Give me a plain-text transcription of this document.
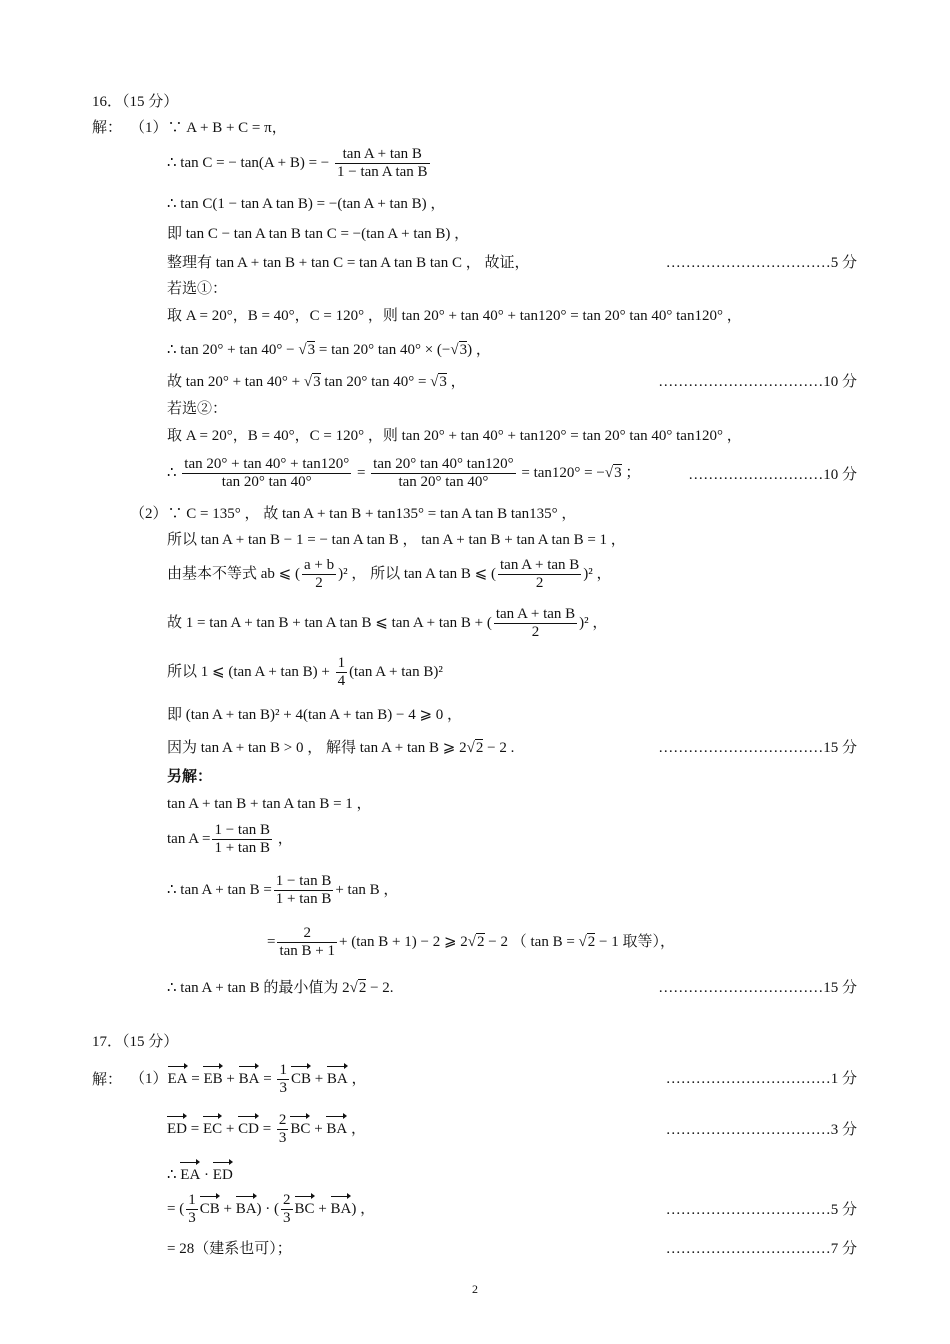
16．（15 分）
解： （1）∵ A + B + C = π，
∴ tan C = − tan(A + B) = − $\frac{\text{tan A + tan B}}{\text{1 − tan A tan B}}$
∴ tan C(1 − tan A tan B) = −(tan A + tan B) ，
即 tan C − tan A tan B tan C = −(tan A + tan B) ，
整理有 tan A + tan B + tan C = tan A tan B tan C ， 故证，	……………………………5 分
若选①：
取 A = 20°，B = 40°，C = 120° ，则 tan 20° + tan 40° + tan120° = tan 20° tan 40° tan120° ，
∴ tan 20° + tan 40° − √3 = tan 20° tan 40° × (−√3) ，
故 tan 20° + tan 40° + √3 tan 20° tan 40° = √3 ，	……………………………10 分
若选②：
取 A = 20°，B = 40°，C = 120° ，则 tan 20° + tan 40° + tan120° = tan 20° tan 40° tan120° ，
∴ $\frac{\tan 20^\circ + \tan 40^\circ + \tan 120^\circ}{\tan 20^\circ \tan 40^\circ} = \frac{\tan 20^\circ \tan 40^\circ \tan 120^\circ}{\tan 20^\circ \tan 40^\circ} = \tan 120^\circ = -√3$ ；	………………………10 分
（2）∵ C = 135° ， 故 tan A + tan B + tan135° = tan A tan B tan135° ，
所以 tan A + tan B − 1 = − tan A tan B ， tan A + tan B + tan A tan B = 1 ，
由基本不等式 ab ⩽ ( $\frac{a + b}{2} )^2$ ， 所以 tan A tan B ⩽ ( $\frac{\text{tan A + tan B}}{2} )^2$ ，
故 1 = tan A + tan B + tan A tan B ⩽ tan A + tan B + ( $\frac{\text{tan A + tan B}}{2} )^2$ ，
所以 1 ⩽ (tan $A + \tan B) + \frac{1}{4} (\tan$ A + tan B)²
即 (tan A + tan B)² + 4(tan A + tan B) − 4 ⩾ 0 ，
因为 tan A + tan B > 0 ， 解得 tan A + tan B ⩾ 2√2 − 2 .	……………………………15 分
另解：
tan A + tan B + tan A tan B = 1 ，
$\tan A = \frac{\text{1 − tan B}}{\text{1 + tan B}}$ ，
∴ $\tan A + \tan B = \frac{\text{1 − tan B}}{\text{1 + tan B}} + \tan B$ ，
= $\frac{2}{\text{tan B + 1}} + (\tan$ B + 1) − 2 ⩾ 2√2 − 2 （ tan B = √2 − 1 取等），
∴ tan A + tan B 的最小值为 2√2 − 2.	……………………………15 分
17．（15 分）
解： （1）EA = EB + BA = $\frac{1}{3}$ CB + BA ，	……………………………1 分
ED = EC + CD = $\frac{2}{3}$ BC + BA ，	……………………………3 分
∴ EA · ED
= ( $\frac{1}{3}$ CB + BA) · ( $\frac{2}{3}$ BC + BA) ，	……………………………5 分
= 28（建系也可）；	……………………………7 分
2
